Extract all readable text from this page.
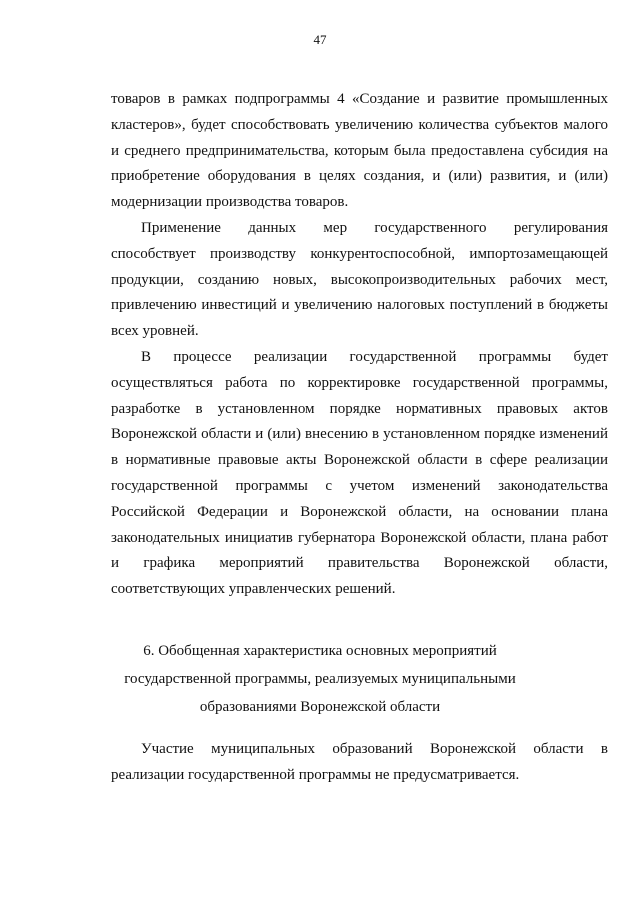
47
товаров в рамках подпрограммы 4 «Создание и развитие промышленных
кластеров», будет способствовать увеличению количества субъектов малого
и среднего предпринимательства, которым была предоставлена субсидия на
приобретение оборудования в целях создания, и (или) развития, и (или)
модернизации производства товаров.
Применение данных мер государственного регулирования
способствует производству конкурентоспособной, импортозамещающей
продукции, созданию новых, высокопроизводительных рабочих мест,
привлечению инвестиций и увеличению налоговых поступлений в бюджеты
всех уровней.
В процессе реализации государственной программы будет
осуществляться работа по корректировке государственной программы,
разработке в установленном порядке нормативных правовых актов
Воронежской области и (или) внесению в установленном порядке изменений
в нормативные правовые акты Воронежской области в сфере реализации
государственной программы с учетом изменений законодательства
Российской Федерации и Воронежской области, на основании плана
законодательных инициатив губернатора Воронежской области, плана работ
и графика мероприятий правительства Воронежской области,
соответствующих управленческих решений.
6. Обобщенная характеристика основных мероприятий
государственной программы, реализуемых муниципальными
образованиями Воронежской области
Участие муниципальных образований Воронежской области в
реализации государственной программы не предусматривается.
